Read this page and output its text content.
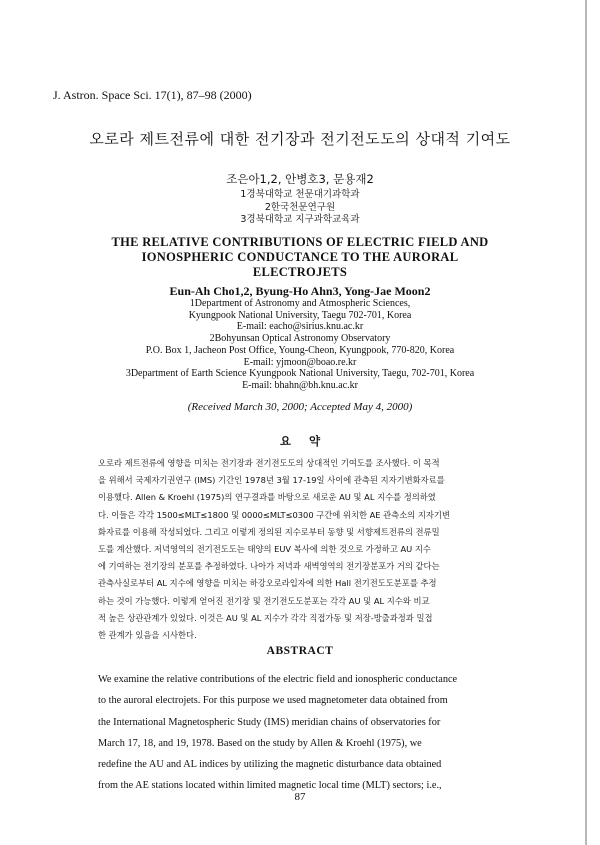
J. Astron. Space Sci. 17(1), 87–98 (2000)
오로라 제트전류에 대한 전기장과 전기전도도의 상대적 기여도
조은아1,2, 안병호3, 문용재2
1경북대학교 천문대기과학과
2한국천문연구원
3경북대학교 지구과학교육과
THE RELATIVE CONTRIBUTIONS OF ELECTRIC FIELD AND
IONOSPHERIC CONDUCTANCE TO THE AURORAL
ELECTROJETS
Eun-Ah Cho1,2, Byung-Ho Ahn3, Yong-Jae Moon2
1Department of Astronomy and Atmospheric Sciences,
Kyungpook National University, Taegu 702-701, Korea
E-mail: eacho@sirius.knu.ac.kr
2Bohyunsan Optical Astronomy Observatory
P.O. Box 1, Jacheon Post Office, Young-Cheon, Kyungpook, 770-820, Korea
E-mail: yjmoon@boao.re.kr
3Department of Earth Science Kyungpook National University, Taegu, 702-701, Korea
E-mail: bhahn@bh.knu.ac.kr
(Received March 30, 2000; Accepted May 4, 2000)
요약
오로라 제트전류에 영향을 미치는 전기장과 전기전도도의 상대적인 기여도를 조사했다. 이 목적
을 위해서 국제자기권연구 (IMS) 기간인 1978년 3월 17-19일 사이에 관측된 지자기변화자료를
이용했다. Allen & Kroehl (1975)의 연구결과를 바탕으로 새로운 AU 및 AL 지수를 정의하였
다. 이들은 각각 1500≤MLT≤1800 및 0000≤MLT≤0300 구간에 위치한 AE 관측소의 지자기변
화자료를 이용해 작성되었다. 그리고 이렇게 정의된 지수로부터 동향 및 서향제트전류의 전류밀
도를 계산했다. 저녁영역의 전기전도도는 태양의 EUV 복사에 의한 것으로 가정하고 AU 지수
에 기여하는 전기장의 분포를 추정하였다. 나아가 저녁과 새벽영역의 전기장분포가 거의 같다는
관측사실로부터 AL 지수에 영향을 미치는 하강오로라입자에 의한 Hall 전기전도도분포를 추정
하는 것이 가능했다. 이렇게 얻어진 전기장 및 전기전도도분포는 각각 AU 및 AL 지수와 비교
적 높은 상관관계가 있었다. 이것은 AU 및 AL 지수가 각각 직접가동 및 저장-방출과정과 밀접
한 관계가 있음을 시사한다.
ABSTRACT
We examine the relative contributions of the electric field and ionospheric conductance
to the auroral electrojets. For this purpose we used magnetometer data obtained from
the International Magnetospheric Study (IMS) meridian chains of observatories for
March 17, 18, and 19, 1978. Based on the study by Allen & Kroehl (1975), we
redefine the AU and AL indices by utilizing the magnetic disturbance data obtained
from the AE stations located within limited magnetic local time (MLT) sectors; i.e.,
87
